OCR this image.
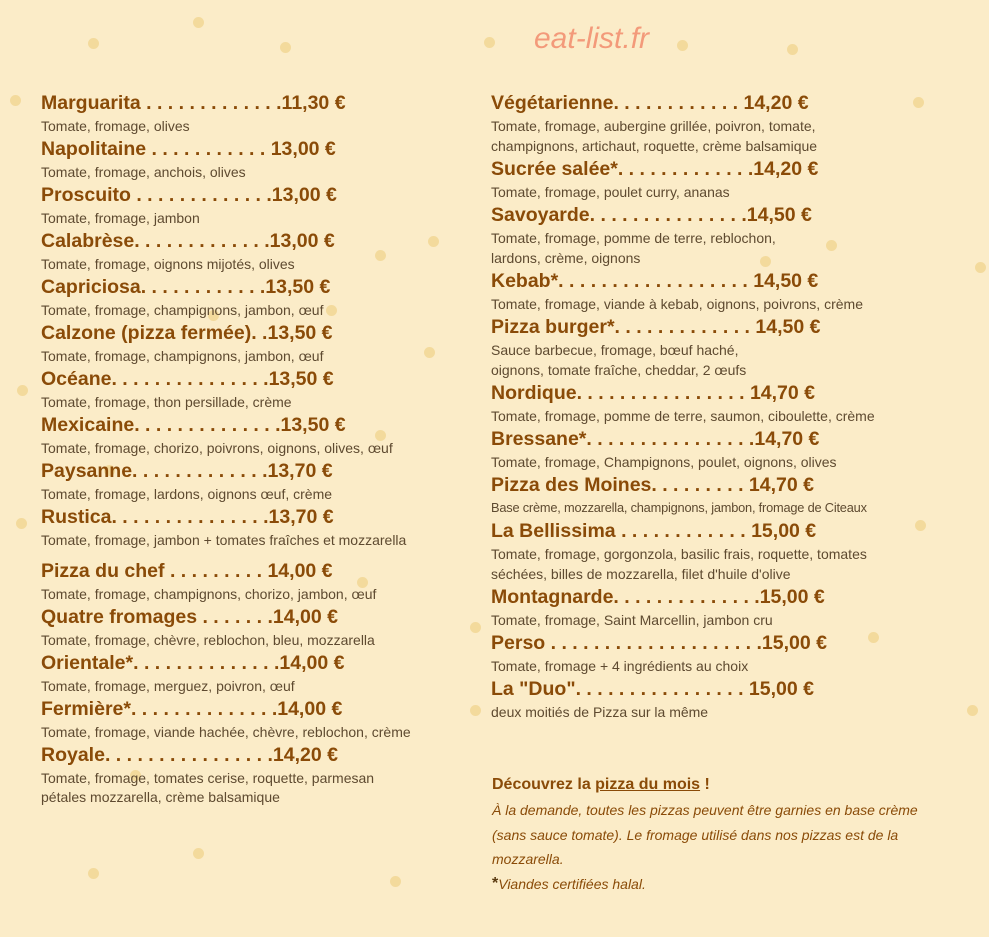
eat-list.fr
Marguarita . . . . . . . . . . . . .11,30 €
Tomate, fromage, olives
Napolitaine . . . . . . . . . . . 13,00 €
Tomate, fromage, anchois, olives
Proscuito . . . . . . . . . . . . .13,00 €
Tomate, fromage, jambon
Calabrèse. . . . . . . . . . . . .13,00 €
Tomate, fromage, oignons mijotés, olives
Capriciosa. . . . . . . . . . . .13,50 €
Tomate, fromage, champignons, jambon, œuf
Calzone (pizza fermée). .13,50 €
Tomate, fromage, champignons, jambon, œuf
Océane. . . . . . . . . . . . . . .13,50 €
Tomate, fromage, thon persillade, crème
Mexicaine. . . . . . . . . . . . . .13,50 €
Tomate, fromage, chorizo, poivrons, oignons, olives, œuf
Paysanne. . . . . . . . . . . . .13,70 €
Tomate, fromage, lardons, oignons œuf, crème
Rustica. . . . . . . . . . . . . . .13,70 €
Tomate, fromage, jambon + tomates fraîches et mozzarella
Pizza du chef . . . . . . . . . 14,00 €
Tomate, fromage, champignons, chorizo, jambon, œuf
Quatre fromages . . . . . . .14,00 €
Tomate, fromage, chèvre, reblochon, bleu, mozzarella
Orientale*. . . . . . . . . . . . . .14,00 €
Tomate, fromage, merguez, poivron, œuf
Fermière*. . . . . . . . . . . . . .14,00 €
Tomate, fromage, viande hachée, chèvre, reblochon, crème
Royale. . . . . . . . . . . . . . . .14,20 €
Tomate, fromage, tomates cerise, roquette, parmesan
pétales mozzarella, crème balsamique
Végétarienne. . . . . . . . . . . . 14,20 €
Tomate, fromage, aubergine grillée, poivron, tomate,
champignons, artichaut, roquette, crème balsamique
Sucrée salée*. . . . . . . . . . . . .14,20 €
Tomate, fromage, poulet curry, ananas
Savoyarde. . . . . . . . . . . . . . .14,50 €
Tomate, fromage, pomme de terre, reblochon,
lardons, crème, oignons
Kebab*. . . . . . . . . . . . . . . . . . 14,50 €
Tomate, fromage, viande à kebab, oignons, poivrons, crème
Pizza burger*. . . . . . . . . . . . . 14,50 €
Sauce barbecue, fromage, bœuf haché,
oignons, tomate fraîche, cheddar, 2 œufs
Nordique. . . . . . . . . . . . . . . . 14,70 €
Tomate, fromage, pomme de terre, saumon, ciboulette, crème
Bressane*. . . . . . . . . . . . . . . .14,70 €
Tomate, fromage, Champignons, poulet, oignons, olives
Pizza des Moines. . . . . . . . . 14,70 €
Base crème, mozzarella, champignons, jambon, fromage de Citeaux
La Bellissima . . . . . . . . . . . . 15,00 €
Tomate, fromage, gorgonzola, basilic frais, roquette, tomates
séchées, billes de mozzarella, filet d'huile d'olive
Montagnarde. . . . . . . . . . . . . .15,00 €
Tomate, fromage, Saint Marcellin, jambon cru
Perso . . . . . . . . . . . . . . . . . . . .15,00 €
Tomate, fromage + 4 ingrédients au choix
La "Duo". . . . . . . . . . . . . . . . 15,00 €
deux moitiés de Pizza sur la même
Découvrez la pizza du mois !
À la demande, toutes les pizzas peuvent être garnies en base crème
(sans sauce tomate). Le fromage utilisé dans nos pizzas est de la
mozzarella.
*Viandes certifiées halal.
